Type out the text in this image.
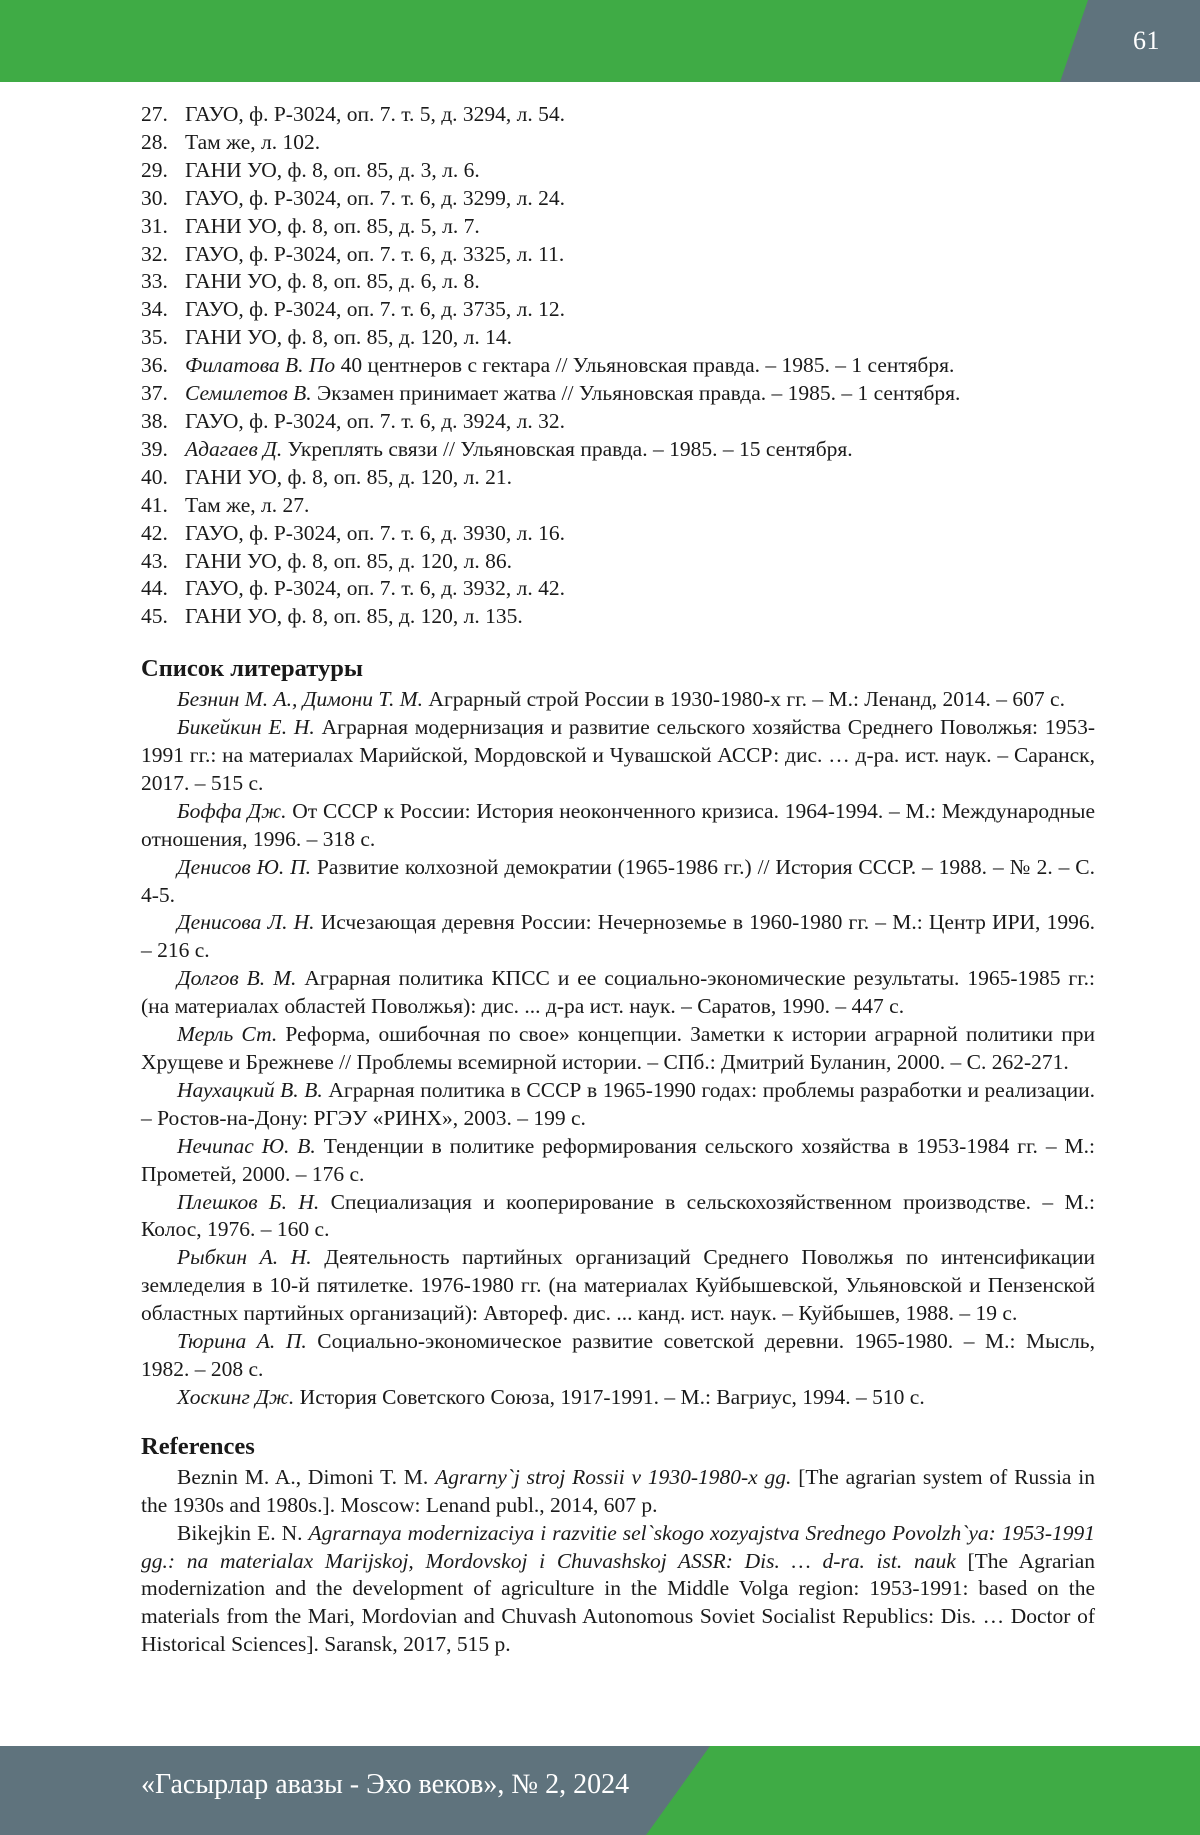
61
27. ГАУО, ф. Р-3024, оп. 7. т. 5, д. 3294, л. 54.
28. Там же, л. 102.
29. ГАНИ УО, ф. 8, оп. 85, д. 3, л. 6.
30. ГАУО, ф. Р-3024, оп. 7. т. 6, д. 3299, л. 24.
31. ГАНИ УО, ф. 8, оп. 85, д. 5, л. 7.
32. ГАУО, ф. Р-3024, оп. 7. т. 6, д. 3325, л. 11.
33. ГАНИ УО, ф. 8, оп. 85, д. 6, л. 8.
34. ГАУО, ф. Р-3024, оп. 7. т. 6, д. 3735, л. 12.
35. ГАНИ УО, ф. 8, оп. 85, д. 120, л. 14.
36. Филатова В. По 40 центнеров с гектара // Ульяновская правда. – 1985. – 1 сентября.
37. Семилетов В. Экзамен принимает жатва // Ульяновская правда. – 1985. – 1 сентября.
38. ГАУО, ф. Р-3024, оп. 7. т. 6, д. 3924, л. 32.
39. Адагаев Д. Укреплять связи // Ульяновская правда. – 1985. – 15 сентября.
40. ГАНИ УО, ф. 8, оп. 85, д. 120, л. 21.
41. Там же, л. 27.
42. ГАУО, ф. Р-3024, оп. 7. т. 6, д. 3930, л. 16.
43. ГАНИ УО, ф. 8, оп. 85, д. 120, л. 86.
44. ГАУО, ф. Р-3024, оп. 7. т. 6, д. 3932, л. 42.
45. ГАНИ УО, ф. 8, оп. 85, д. 120, л. 135.
Список литературы

Безнин М. А., Димони Т. М. Аграрный строй России в 1930-1980-х гг. – М.: Ленанд, 2014. – 607 с.

Бикейкин Е. Н. Аграрная модернизация и развитие сельского хозяйства Среднего Поволжья: 1953-1991 гг.: на материалах Марийской, Мордовской и Чувашской АССР: дис. … д-ра. ист. наук. – Саранск, 2017. – 515 с.

Боффа Дж. От СССР к России: История неоконченного кризиса. 1964-1994. – М.: Международные отношения, 1996. – 318 с.

Денисов Ю. П. Развитие колхозной демократии (1965-1986 гг.) // История СССР. – 1988. – № 2. – С. 4-5.

Денисова Л. Н. Исчезающая деревня России: Нечерноземье в 1960-1980 гг. – М.: Центр ИРИ, 1996. – 216 с.

Долгов В. М. Аграрная политика КПСС и ее социально-экономические результаты. 1965-1985 гг.: (на материалах областей Поволжья): дис. ... д-ра ист. наук. – Саратов, 1990. – 447 с.

Мерль Ст. Реформа, ошибочная по свое» концепции. Заметки к истории аграрной политики при Хрущеве и Брежневе // Проблемы всемирной истории. – СПб.: Дмитрий Буланин, 2000. – С. 262-271.

Наухацкий В. В. Аграрная политика в СССР в 1965-1990 годах: проблемы разработки и реализации. – Ростов-на-Дону: РГЭУ «РИНХ», 2003. – 199 с.

Нечипас Ю. В. Тенденции в политике реформирования сельского хозяйства в 1953-1984 гг. – М.: Прометей, 2000. – 176 с.

Плешков Б. Н. Специализация и кооперирование в сельскохозяйственном производстве. – М.: Колос, 1976. – 160 с.

Рыбкин А. Н. Деятельность партийных организаций Среднего Поволжья по интенсификации земледелия в 10-й пятилетке. 1976-1980 гг. (на материалах Куйбышевской, Ульяновской и Пензенской областных партийных организаций): Автореф. дис. ... канд. ист. наук. – Куйбышев, 1988. – 19 с.

Тюрина А. П. Социально-экономическое развитие советской деревни. 1965-1980. – М.: Мысль, 1982. – 208 с.

Хоскинг Дж. История Советского Союза, 1917-1991. – М.: Вагриус, 1994. – 510 с.

References

Beznin M. A., Dimoni T. M. Agrarny`j stroj Rossii v 1930-1980-x gg. [The agrarian system of Russia in the 1930s and 1980s.]. Moscow: Lenand publ., 2014, 607 p.

Bikejkin E. N. Agrarnaya modernizaciya i razvitie sel`skogo xozyajstva Srednego Povolzh`ya: 1953-1991 gg.: na materialax Marijskoj, Mordovskoj i Chuvashskoj ASSR: Dis. … d-ra. ist. nauk [The Agrarian modernization and the development of agriculture in the Middle Volga region: 1953-1991: based on the materials from the Mari, Mordovian and Chuvash Autonomous Soviet Socialist Republics: Dis. … Doctor of Historical Sciences]. Saransk, 2017, 515 p.

«Гасырлар авазы - Эхо веков», № 2, 2024
